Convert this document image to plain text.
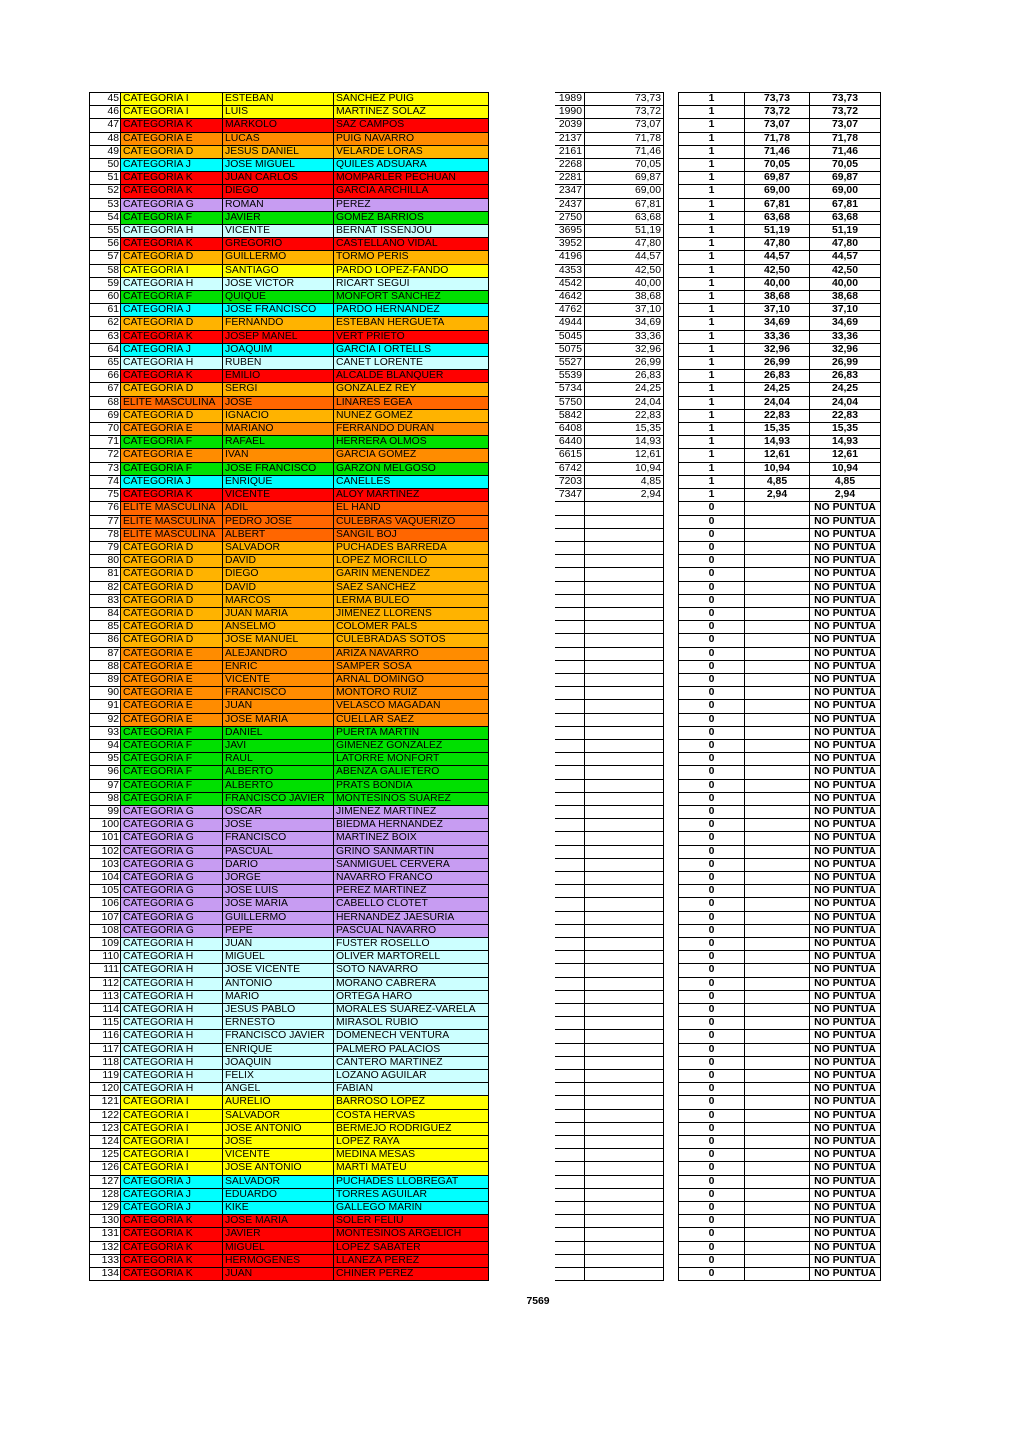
45	CATEGORIA I	ESTEBAN	SANCHEZ PUIG		1989	73,73
46	CATEGORIA I	LUIS	MARTINEZ SOLAZ		1990	73,72
47	CATEGORIA K	MARKOLO	SAZ CAMPOS		2039	73,07
48	CATEGORIA E	LUCAS	PUIG NAVARRO		2137	71,78
49	CATEGORIA D	JESUS DANIEL	VELARDE LORAS		2161	71,46
50	CATEGORIA J	JOSE MIGUEL	QUILES ADSUARA		2268	70,05
51	CATEGORIA K	JUAN CARLOS	MOMPARLER PECHUAN		2281	69,87
52	CATEGORIA K	DIEGO	GARCIA ARCHILLA		2347	69,00
53	CATEGORIA G	ROMAN	PEREZ		2437	67,81
54	CATEGORIA F	JAVIER	GOMEZ BARRIOS		2750	63,68
55	CATEGORIA H	VICENTE	BERNAT ISSENJOU		3695	51,19
56	CATEGORIA K	GREGORIO	CASTELLANO VIDAL		3952	47,80
57	CATEGORIA D	GUILLERMO	TORMO PERIS		4196	44,57
58	CATEGORIA I	SANTIAGO	PARDO LOPEZ-FANDO		4353	42,50
59	CATEGORIA H	JOSE VICTOR	RICART SEGUI		4542	40,00
60	CATEGORIA F	QUIQUE	MONFORT SANCHEZ		4642	38,68
61	CATEGORIA J	JOSE FRANCISCO	PARDO HERNANDEZ		4762	37,10
62	CATEGORIA D	FERNANDO	ESTEBAN HERGUETA		4944	34,69
63	CATEGORIA K	JOSEP MANEL	VERT PRIETO		5045	33,36
64	CATEGORIA J	JOAQUIM	GARCIA I ORTELLS		5075	32,96
65	CATEGORIA H	RUBEN	CANET LORENTE		5527	26,99
66	CATEGORIA K	EMILIO	ALCALDE BLANQUER		5539	26,83
67	CATEGORIA D	SERGI	GONZALEZ REY		5734	24,25
68	ELITE MASCULINA	JOSE	LINARES EGEA		5750	24,04
69	CATEGORIA D	IGNACIO	NUNEZ GOMEZ		5842	22,83
70	CATEGORIA E	MARIANO	FERRANDO DURAN		6408	15,35
71	CATEGORIA F	RAFAEL	HERRERA OLMOS		6440	14,93
72	CATEGORIA E	IVAN	GARCIA GOMEZ		6615	12,61
73	CATEGORIA F	JOSE FRANCISCO	GARZON MELGOSO		6742	10,94
74	CATEGORIA J	ENRIQUE	CANELLES		7203	4,85
75	CATEGORIA K	VICENTE	ALOY MARTINEZ		7347	2,94
76	ELITE MASCULINA	ADIL	EL HAND			
77	ELITE MASCULINA	PEDRO JOSE	CULEBRAS VAQUERIZO			
78	ELITE MASCULINA	ALBERT	SANGIL BOJ			
79	CATEGORIA D	SALVADOR	PUCHADES BARREDA			
80	CATEGORIA D	DAVID	LOPEZ MORCILLO			
81	CATEGORIA D	DIEGO	GARIN MENENDEZ			
82	CATEGORIA D	DAVID	SAEZ SANCHEZ			
83	CATEGORIA D	MARCOS	LERMA BULEO			
84	CATEGORIA D	JUAN MARIA	JIMENEZ LLORENS			
85	CATEGORIA D	ANSELMO	COLOMER PALS			
86	CATEGORIA D	JOSE MANUEL	CULEBRADAS SOTOS			
87	CATEGORIA E	ALEJANDRO	ARIZA NAVARRO			
88	CATEGORIA E	ENRIC	SAMPER SOSA			
89	CATEGORIA E	VICENTE	ARNAL DOMINGO			
90	CATEGORIA E	FRANCISCO	MONTORO RUIZ			
91	CATEGORIA E	JUAN	VELASCO MAGADAN			
92	CATEGORIA E	JOSE MARIA	CUELLAR SAEZ			
93	CATEGORIA F	DANIEL	PUERTA MARTIN			
94	CATEGORIA F	JAVI	GIMENEZ GONZALEZ			
95	CATEGORIA F	RAUL	LATORRE MONFORT			
96	CATEGORIA F	ALBERTO	ABENZA GALIETERO			
97	CATEGORIA F	ALBERTO	PRATS BONDIA			
98	CATEGORIA F	FRANCISCO JAVIER	MONTESINOS SUAREZ			
99	CATEGORIA G	OSCAR	JIMENEZ MARTINEZ			
100	CATEGORIA G	JOSE	BIEDMA HERNANDEZ			
101	CATEGORIA G	FRANCISCO	MARTINEZ BOIX			
102	CATEGORIA G	PASCUAL	GRINO SANMARTIN			
103	CATEGORIA G	DARIO	SANMIGUEL CERVERA			
104	CATEGORIA G	JORGE	NAVARRO FRANCO			
105	CATEGORIA G	JOSE LUIS	PEREZ MARTINEZ			
106	CATEGORIA G	JOSE MARIA	CABELLO CLOTET			
107	CATEGORIA G	GUILLERMO	HERNANDEZ JAESURIA			
108	CATEGORIA G	PEPE	PASCUAL NAVARRO			
109	CATEGORIA H	JUAN	FUSTER ROSELLO			
110	CATEGORIA H	MIGUEL	OLIVER MARTORELL			
111	CATEGORIA H	JOSE VICENTE	SOTO NAVARRO			
112	CATEGORIA H	ANTONIO	MORANO CABRERA			
113	CATEGORIA H	MARIO	ORTEGA HARO			
114	CATEGORIA H	JESUS PABLO	MORALES SUAREZ-VARELA			
115	CATEGORIA H	ERNESTO	MIRASOL RUBIO			
116	CATEGORIA H	FRANCISCO JAVIER	DOMENECH VENTURA			
117	CATEGORIA H	ENRIQUE	PALMERO PALACIOS			
118	CATEGORIA H	JOAQUIN	CANTERO MARTINEZ			
119	CATEGORIA H	FELIX	LOZANO AGUILAR			
120	CATEGORIA H	ANGEL	FABIAN			
121	CATEGORIA I	AURELIO	BARROSO LOPEZ			
122	CATEGORIA I	SALVADOR	COSTA HERVAS			
123	CATEGORIA I	JOSE ANTONIO	BERMEJO RODRIGUEZ			
124	CATEGORIA I	JOSE	LOPEZ RAYA			
125	CATEGORIA I	VICENTE	MEDINA MESAS			
126	CATEGORIA I	JOSE ANTONIO	MARTI MATEU			
127	CATEGORIA J	SALVADOR	PUCHADES LLOBREGAT			
128	CATEGORIA J	EDUARDO	TORRES AGUILAR			
129	CATEGORIA J	KIKE	GALLEGO MARIN			
130	CATEGORIA K	JOSE MARIA	SOLER FELIU			
131	CATEGORIA K	JAVIER	MONTESINOS ARGELICH			
132	CATEGORIA K	MIGUEL	LOPEZ SABATER			
133	CATEGORIA K	HERMOGENES	LLANEZA PEREZ			
134	CATEGORIA K	JUAN	CHINER PEREZ			
1	73,73	73,73
1	73,72	73,72
1	73,07	73,07
1	71,78	71,78
1	71,46	71,46
1	70,05	70,05
1	69,87	69,87
1	69,00	69,00
1	67,81	67,81
1	63,68	63,68
1	51,19	51,19
1	47,80	47,80
1	44,57	44,57
1	42,50	42,50
1	40,00	40,00
1	38,68	38,68
1	37,10	37,10
1	34,69	34,69
1	33,36	33,36
1	32,96	32,96
1	26,99	26,99
1	26,83	26,83
1	24,25	24,25
1	24,04	24,04
1	22,83	22,83
1	15,35	15,35
1	14,93	14,93
1	12,61	12,61
1	10,94	10,94
1	4,85	4,85
1	2,94	2,94
0		NO PUNTUA
0		NO PUNTUA
0		NO PUNTUA
0		NO PUNTUA
0		NO PUNTUA
0		NO PUNTUA
0		NO PUNTUA
0		NO PUNTUA
0		NO PUNTUA
0		NO PUNTUA
0		NO PUNTUA
0		NO PUNTUA
0		NO PUNTUA
0		NO PUNTUA
0		NO PUNTUA
0		NO PUNTUA
0		NO PUNTUA
0		NO PUNTUA
0		NO PUNTUA
0		NO PUNTUA
0		NO PUNTUA
0		NO PUNTUA
0		NO PUNTUA
0		NO PUNTUA
0		NO PUNTUA
0		NO PUNTUA
0		NO PUNTUA
0		NO PUNTUA
0		NO PUNTUA
0		NO PUNTUA
0		NO PUNTUA
0		NO PUNTUA
0		NO PUNTUA
0		NO PUNTUA
0		NO PUNTUA
0		NO PUNTUA
0		NO PUNTUA
0		NO PUNTUA
0		NO PUNTUA
0		NO PUNTUA
0		NO PUNTUA
0		NO PUNTUA
0		NO PUNTUA
0		NO PUNTUA
0		NO PUNTUA
0		NO PUNTUA
0		NO PUNTUA
0		NO PUNTUA
0		NO PUNTUA
0		NO PUNTUA
0		NO PUNTUA
0		NO PUNTUA
0		NO PUNTUA
0		NO PUNTUA
0		NO PUNTUA
0		NO PUNTUA
0		NO PUNTUA
0		NO PUNTUA
0		NO PUNTUA
7569
